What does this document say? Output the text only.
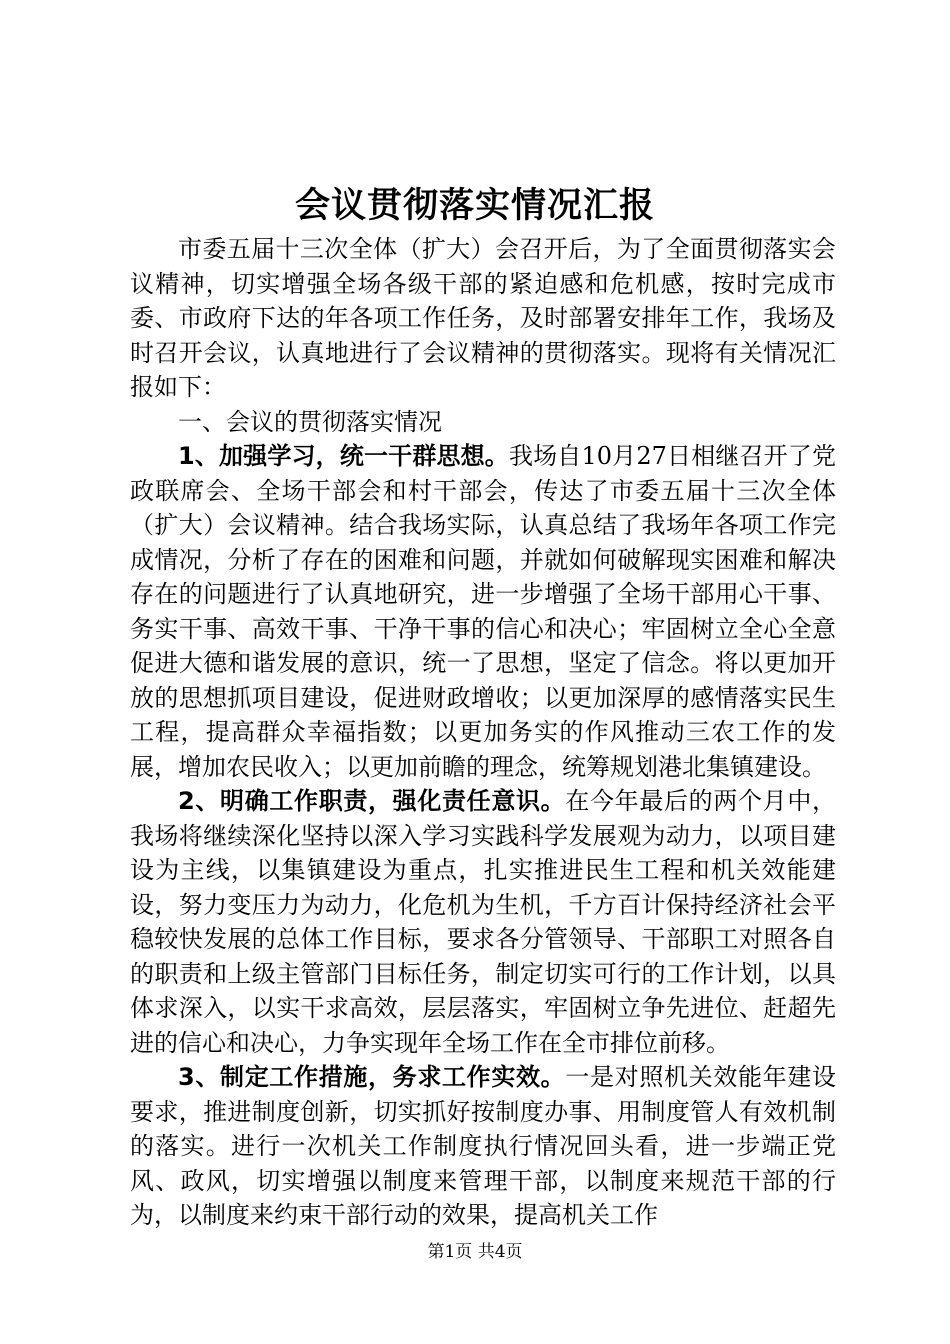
会议贯彻落实情况汇报

市委五届十三次全体（扩大）会召开后，为了全面贯彻落实会议精神，切实增强全场各级干部的紧迫感和危机感，按时完成市委、市政府下达的年各项工作任务，及时部署安排年工作，我场及时召开会议，认真地进行了会议精神的贯彻落实。现将有关情况汇报如下：

一、会议的贯彻落实情况

1、加强学习，统一干群思想。我场自10月27日相继召开了党政联席会、全场干部会和村干部会，传达了市委五届十三次全体（扩大）会议精神。结合我场实际，认真总结了我场年各项工作完成情况，分析了存在的困难和问题，并就如何破解现实困难和解决存在的问题进行了认真地研究，进一步增强了全场干部用心干事、务实干事、高效干事、干净干事的信心和决心；牢固树立全心全意促进大德和谐发展的意识，统一了思想，坚定了信念。将以更加开放的思想抓项目建设，促进财政增收；以更加深厚的感情落实民生工程，提高群众幸福指数；以更加务实的作风推动三农工作的发展，增加农民收入；以更加前瞻的理念，统筹规划港北集镇建设。

2、明确工作职责，强化责任意识。在今年最后的两个月中，我场将继续深化坚持以深入学习实践科学发展观为动力，以项目建设为主线，以集镇建设为重点，扎实推进民生工程和机关效能建设，努力变压力为动力，化危机为生机，千方百计保持经济社会平稳较快发展的总体工作目标，要求各分管领导、干部职工对照各自的职责和上级主管部门目标任务，制定切实可行的工作计划，以具体求深入，以实干求高效，层层落实，牢固树立争先进位、赶超先进的信心和决心，力争实现年全场工作在全市排位前移。

3、制定工作措施，务求工作实效。一是对照机关效能年建设要求，推进制度创新，切实抓好按制度办事、用制度管人有效机制的落实。进行一次机关工作制度执行情况回头看，进一步端正党风、政风，切实增强以制度来管理干部，以制度来规范干部的行为，以制度来约束干部行动的效果，提高机关工作

第1页 共4页
